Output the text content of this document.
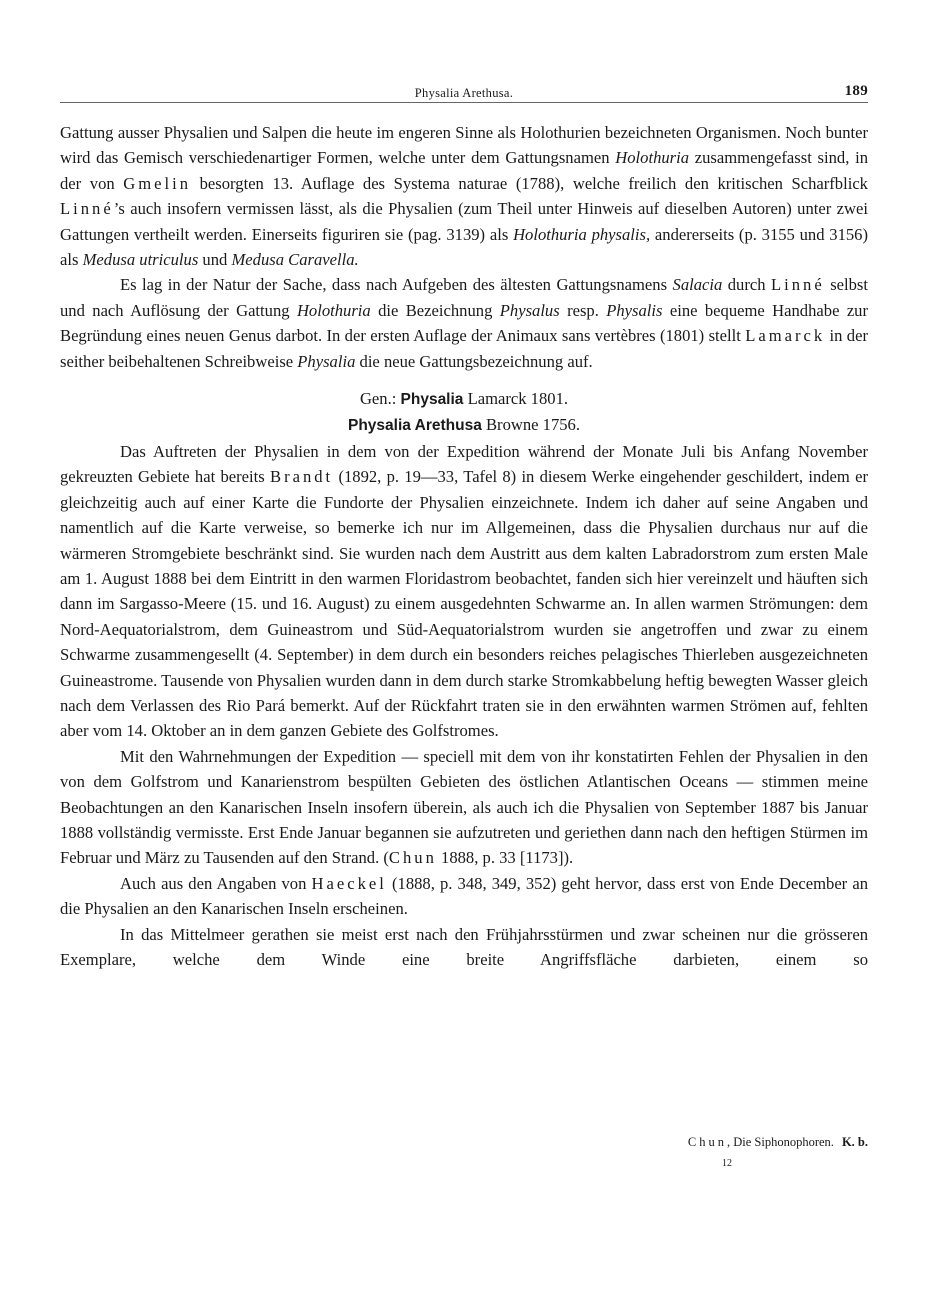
Physalia Arethusa.	189

Gattung ausser Physalien und Salpen die heute im engeren Sinne als Holothurien bezeichneten Organismen. Noch bunter wird das Gemisch verschiedenartiger Formen, welche unter dem Gattungsnamen Holothuria zusammengefasst sind, in der von Gmelin besorgten 13. Auflage des Systema naturae (1788), welche freilich den kritischen Scharfblick Linné’s auch insofern vermissen lässt, als die Physalien (zum Theil unter Hinweis auf dieselben Autoren) unter zwei Gattungen vertheilt werden. Einerseits figuriren sie (pag. 3139) als Holothuria physalis, andererseits (p. 3155 und 3156) als Medusa utriculus und Medusa Caravella.

Es lag in der Natur der Sache, dass nach Aufgeben des ältesten Gattungsnamens Salacia durch Linné selbst und nach Auflösung der Gattung Holothuria die Bezeichnung Physalus resp. Physalis eine bequeme Handhabe zur Begründung eines neuen Genus darbot. In der ersten Auflage der Animaux sans vertèbres (1801) stellt Lamarck in der seither beibehaltenen Schreibweise Physalia die neue Gattungsbezeichnung auf.

Gen.: Physalia Lamarck 1801.
Physalia Arethusa Browne 1756.

Das Auftreten der Physalien in dem von der Expedition während der Monate Juli bis Anfang November gekreuzten Gebiete hat bereits Brandt (1892, p. 19—33, Tafel 8) in diesem Werke eingehender geschildert, indem er gleichzeitig auch auf einer Karte die Fundorte der Physalien einzeichnete. Indem ich daher auf seine Angaben und namentlich auf die Karte verweise, so bemerke ich nur im Allgemeinen, dass die Physalien durchaus nur auf die wärmeren Stromgebiete beschränkt sind. Sie wurden nach dem Austritt aus dem kalten Labradorstrom zum ersten Male am 1. August 1888 bei dem Eintritt in den warmen Floridastrom beobachtet, fanden sich hier vereinzelt und häuften sich dann im Sargasso-Meere (15. und 16. August) zu einem ausgedehnten Schwarme an. In allen warmen Strömungen: dem Nord-Aequatorialstrom, dem Guineastrom und Süd-Aequatorialstrom wurden sie angetroffen und zwar zu einem Schwarme zusammengesellt (4. September) in dem durch ein besonders reiches pelagisches Thierleben ausgezeichneten Guineastrome. Tausende von Physalien wurden dann in dem durch starke Stromkabbelung heftig bewegten Wasser gleich nach dem Verlassen des Rio Pará bemerkt. Auf der Rückfahrt traten sie in den erwähnten warmen Strömen auf, fehlten aber vom 14. Oktober an in dem ganzen Gebiete des Golfstromes.

Mit den Wahrnehmungen der Expedition — speciell mit dem von ihr konstatirten Fehlen der Physalien in den von dem Golfstrom und Kanarienstrom bespülten Gebieten des östlichen Atlantischen Oceans — stimmen meine Beobachtungen an den Kanarischen Inseln insofern überein, als auch ich die Physalien von September 1887 bis Januar 1888 vollständig vermisste. Erst Ende Januar begannen sie aufzutreten und geriethen dann nach den heftigen Stürmen im Februar und März zu Tausenden auf den Strand. (Chun 1888, p. 33 [1173]).

Auch aus den Angaben von Haeckel (1888, p. 348, 349, 352) geht hervor, dass erst von Ende December an die Physalien an den Kanarischen Inseln erscheinen.

In das Mittelmeer gerathen sie meist erst nach den Frühjahrsstürmen und zwar scheinen nur die grösseren Exemplare, welche dem Winde eine breite Angriffsfläche darbieten, einem so

Chun, Die Siphonophoren. K. b.
12
